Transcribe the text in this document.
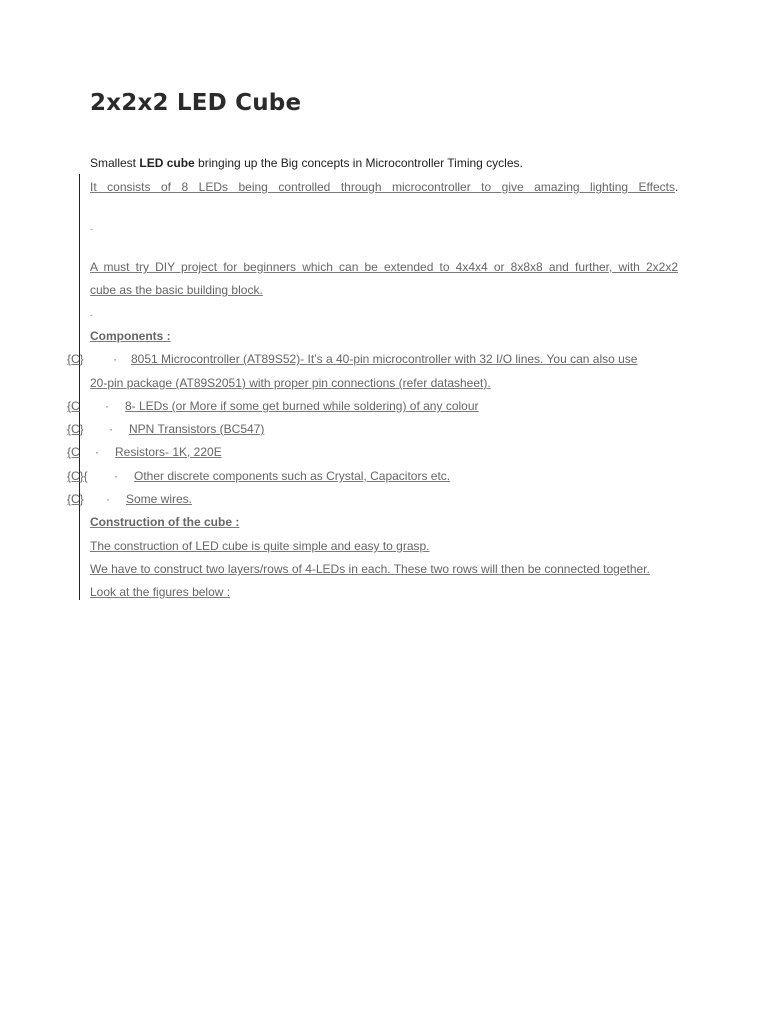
2x2x2 LED Cube
Smallest LED cube bringing up the Big concepts in Microcontroller Timing cycles.
It consists of 8 LEDs being controlled through microcontroller to give amazing lighting Effects .
-
A must try DIY project for beginners which can be extended to 4x4x4 or 8x8x8 and further, with 2x2x2
cube as the basic building block.
-
Components :
{C} · 8051 Microcontroller (AT89S52)- It’s a 40-pin microcontroller with 32 I/O lines. You can also use
20-pin package (AT89S2051) with proper pin connections (refer datasheet).
{C · 8- LEDs (or More if some get burned while soldering) of any colour
{C} · NPN Transistors (BC547)
{C · Resistors- 1K, 220E
{C}{ · Other discrete components such as Crystal, Capacitors etc.
{C} · Some wires.
Construction of the cube :
The construction of LED cube is quite simple and easy to grasp.
We have to construct two layers/rows of 4-LEDs in each. These two rows will then be connected together.
Look at the figures below :
